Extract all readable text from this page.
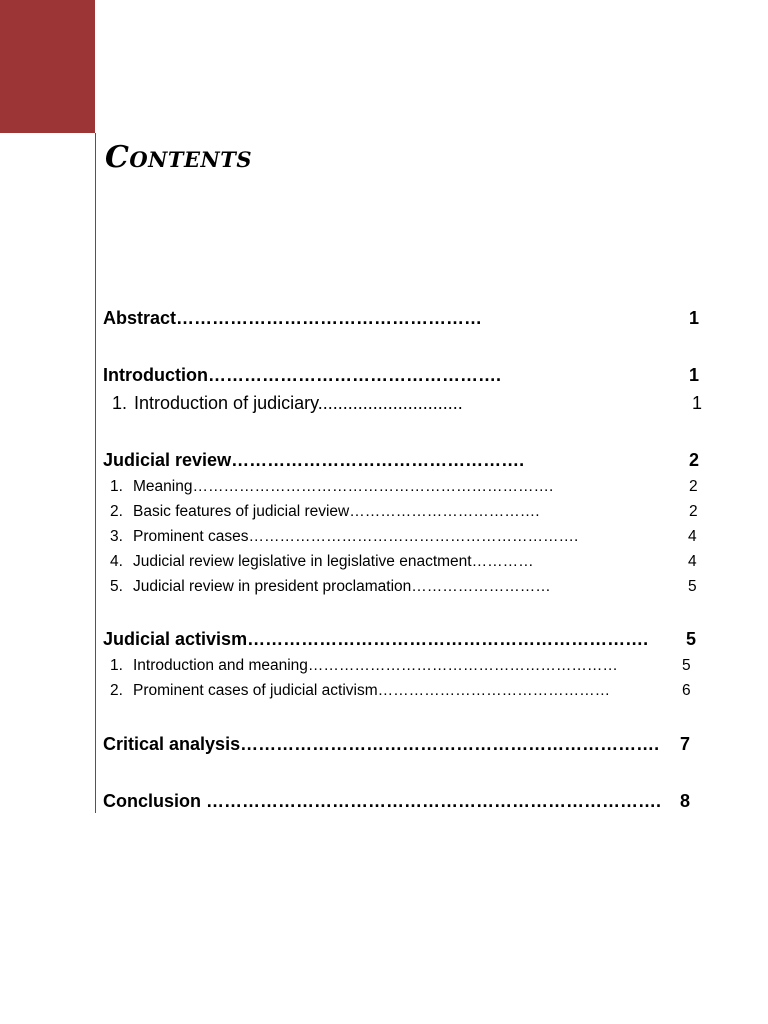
Contents
Abstract……………………………………………	1
Introduction………………………………………….	1
1. Introduction of judiciary.............................	1
Judicial review………………………………………….	2
1. Meaning…………………………………………………………….	2
2. Basic features of judicial review……………………………….	2
3. Prominent cases……………………………………………………….	4
4. Judicial review legislative in legislative enactment…………	4
5. Judicial review in president proclamation………………………	5
Judicial activism…………………………………………………………. 5
1. Introduction and meaning……………………………………………………	5
2. Prominent cases of judicial activism………………………………………	6
Critical analysis……………………………………………………………. 7
Conclusion …………………………………………………………………. 8
